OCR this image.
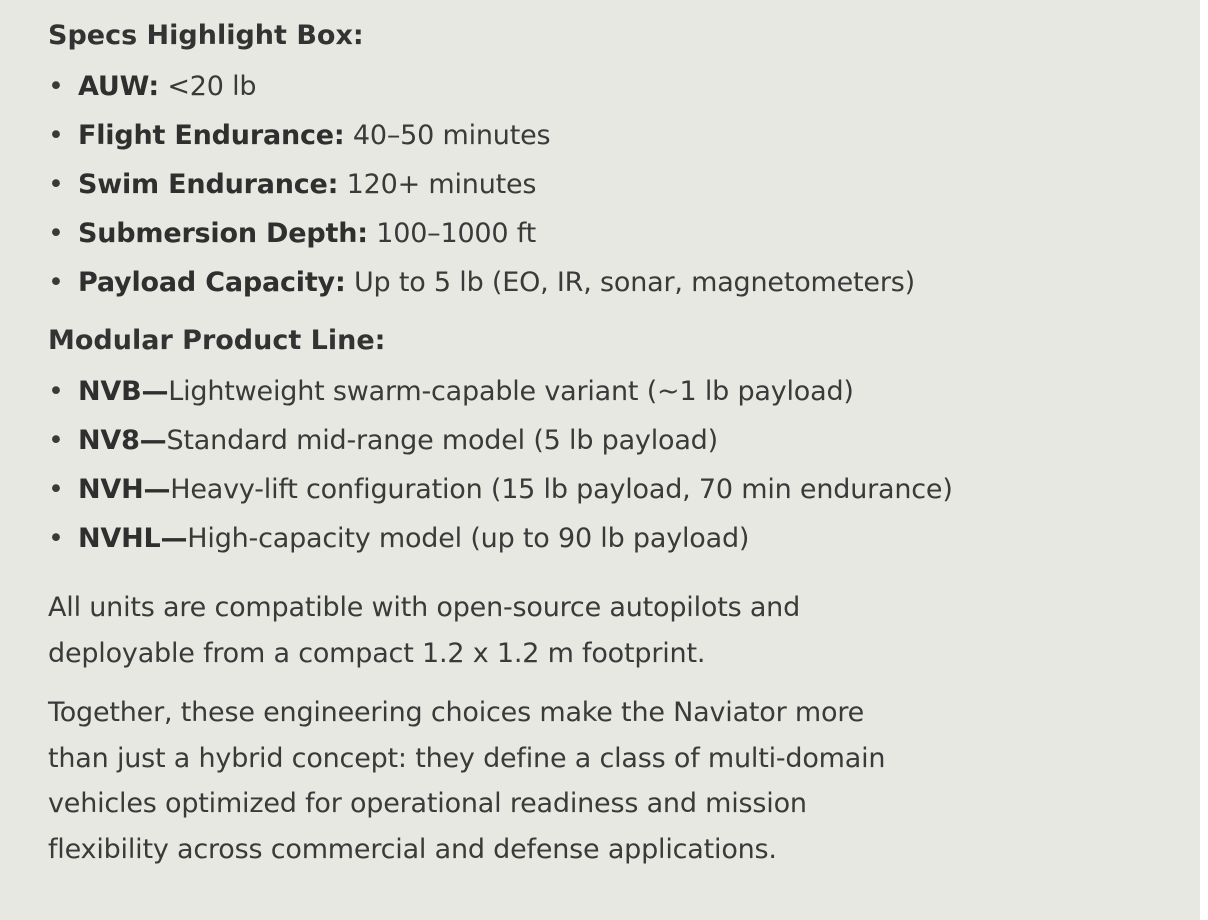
Specs Highlight Box:
• AUW: <20 lb
• Flight Endurance: 40–50 minutes
• Swim Endurance: 120+ minutes
• Submersion Depth: 100–1000 ft
• Payload Capacity: Up to 5 lb (EO, IR, sonar, magnetometers)
Modular Product Line:
• NVB—Lightweight swarm-capable variant (~1 lb payload)
• NV8—Standard mid-range model (5 lb payload)
• NVH—Heavy-lift configuration (15 lb payload, 70 min endurance)
• NVHL—High-capacity model (up to 90 lb payload)

All units are compatible with open-source autopilots and
deployable from a compact 1.2 x 1.2 m footprint.

Together, these engineering choices make the Naviator more
than just a hybrid concept: they define a class of multi-domain
vehicles optimized for operational readiness and mission
flexibility across commercial and defense applications.
